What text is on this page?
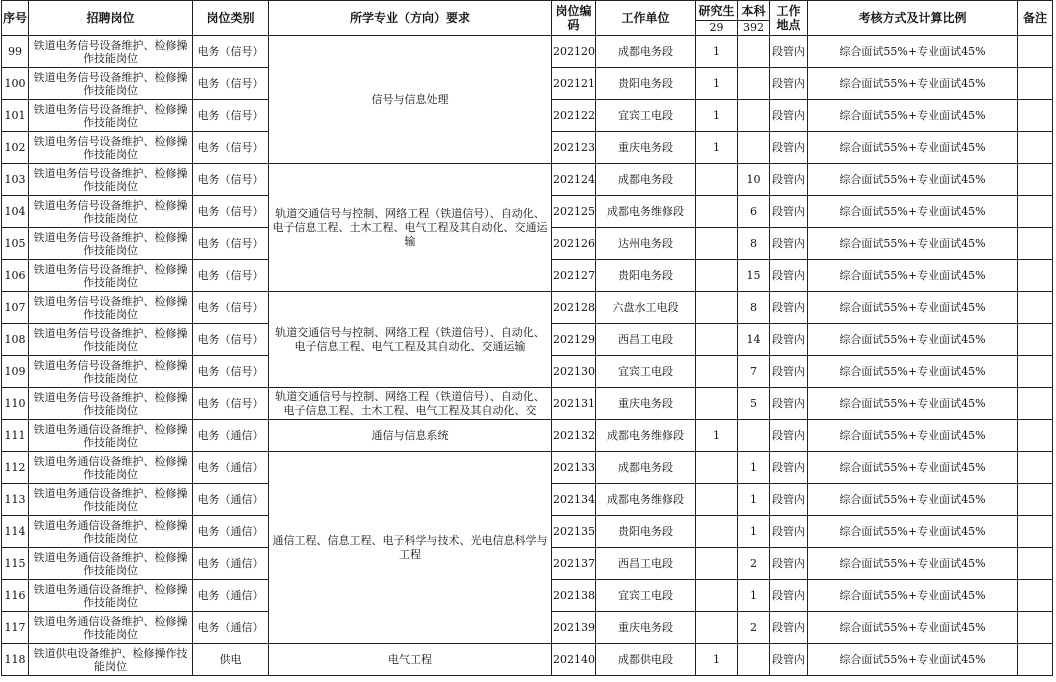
序号	招聘岗位	岗位类别	所学专业（方向）要求	岗位编码	工作单位	研究生	本科	工作地点	考核方式及计算比例	备注
						29	392			
99	铁道电务信号设备维护、检修操作技能岗位	电务（信号）	信号与信息处理	202120	成都电务段	1		段管内	综合面试55%+专业面试45%	
100	铁道电务信号设备维护、检修操作技能岗位	电务（信号）		202121	贵阳电务段	1		段管内	综合面试55%+专业面试45%	
101	铁道电务信号设备维护、检修操作技能岗位	电务（信号）		202122	宜宾工电段	1		段管内	综合面试55%+专业面试45%	
102	铁道电务信号设备维护、检修操作技能岗位	电务（信号）		202123	重庆电务段	1		段管内	综合面试55%+专业面试45%	
103	铁道电务信号设备维护、检修操作技能岗位	电务（信号）	轨道交通信号与控制、网络工程（铁道信号）、自动化、电子信息工程、土木工程、电气工程及其自动化、交通运输	202124	成都电务段		10	段管内	综合面试55%+专业面试45%	
104	铁道电务信号设备维护、检修操作技能岗位	电务（信号）		202125	成都电务维修段		6	段管内	综合面试55%+专业面试45%	
105	铁道电务信号设备维护、检修操作技能岗位	电务（信号）		202126	达州电务段		8	段管内	综合面试55%+专业面试45%	
106	铁道电务信号设备维护、检修操作技能岗位	电务（信号）		202127	贵阳电务段		15	段管内	综合面试55%+专业面试45%	
107	铁道电务信号设备维护、检修操作技能岗位	电务（信号）	轨道交通信号与控制、网络工程（铁道信号）、自动化、电子信息工程、电气工程及其自动化、交通运输	202128	六盘水工电段		8	段管内	综合面试55%+专业面试45%	
108	铁道电务信号设备维护、检修操作技能岗位	电务（信号）		202129	西昌工电段		14	段管内	综合面试55%+专业面试45%	
109	铁道电务信号设备维护、检修操作技能岗位	电务（信号）		202130	宜宾工电段		7	段管内	综合面试55%+专业面试45%	
110	铁道电务信号设备维护、检修操作技能岗位	电务（信号）	轨道交通信号与控制、网络工程（铁道信号）、自动化、电子信息工程、土木工程、电气工程及其自动化、交	202131	重庆电务段		5	段管内	综合面试55%+专业面试45%	
111	铁道电务通信设备维护、检修操作技能岗位	电务（通信）	通信与信息系统	202132	成都电务维修段	1		段管内	综合面试55%+专业面试45%	
112	铁道电务通信设备维护、检修操作技能岗位	电务（通信）	通信工程、信息工程、电子科学与技术、光电信息科学与工程	202133	成都电务段		1	段管内	综合面试55%+专业面试45%	
113	铁道电务通信设备维护、检修操作技能岗位	电务（通信）		202134	成都电务维修段		1	段管内	综合面试55%+专业面试45%	
114	铁道电务通信设备维护、检修操作技能岗位	电务（通信）		202135	贵阳电务段		1	段管内	综合面试55%+专业面试45%	
115	铁道电务通信设备维护、检修操作技能岗位	电务（通信）		202137	西昌工电段		2	段管内	综合面试55%+专业面试45%	
116	铁道电务通信设备维护、检修操作技能岗位	电务（通信）		202138	宜宾工电段		1	段管内	综合面试55%+专业面试45%	
117	铁道电务通信设备维护、检修操作技能岗位	电务（通信）		202139	重庆电务段		2	段管内	综合面试55%+专业面试45%	
118	铁道供电设备维护、检修操作技能岗位	供电	电气工程	202140	成都供电段	1		段管内	综合面试55%+专业面试45%	
